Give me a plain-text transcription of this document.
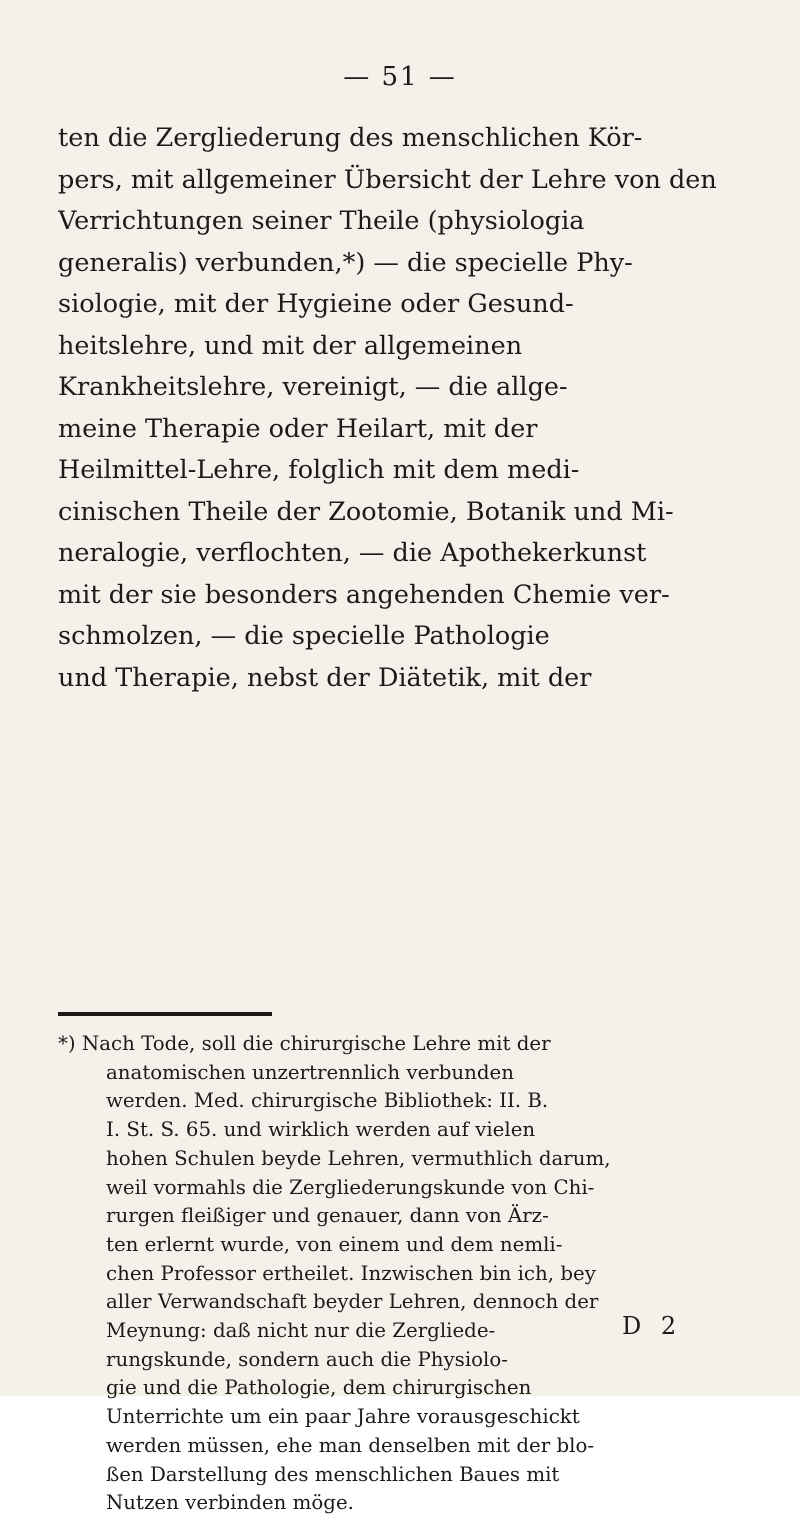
— 51 —
ten die Zergliederung des menschlichen Kör-
pers, mit allgemeiner Übersicht der Lehre von den
Verrichtungen seiner Theile (physiologia
generalis) verbunden,*) — die specielle Phy-
siologie, mit der Hygieine oder Gesund-
heitslehre, und mit der allgemeinen
Krankheitslehre, vereinigt, — die allge-
meine Therapie oder Heilart, mit der
Heilmittel-Lehre, folglich mit dem medi-
cinischen Theile der Zootomie, Botanik und Mi-
neralogie, verflochten, — die Apothekerkunst
mit der sie besonders angehenden Chemie ver-
schmolzen, — die specielle Pathologie
und Therapie, nebst der Diätetik, mit der
*) Nach Tode, soll die chirurgische Lehre mit der
anatomischen unzertrennlich verbunden
werden. Med. chirurgische Bibliothek: II. B.
I. St. S. 65. und wirklich werden auf vielen
hohen Schulen beyde Lehren, vermuthlich darum,
weil vormahls die Zergliederungskunde von Chi-
rurgen fleißiger und genauer, dann von Ärz-
ten erlernt wurde, von einem und dem nemli-
chen Professor ertheilet. Inzwischen bin ich, bey
aller Verwandschaft beyder Lehren, dennoch der
Meynung: daß nicht nur die Zergliede-
rungskunde, sondern auch die Physiolo-
gie und die Pathologie, dem chirurgischen
Unterrichte um ein paar Jahre vorausgeschickt
werden müssen, ehe man denselben mit der blo-
ßen Darstellung des menschlichen Baues mit
Nutzen verbinden möge.
D 2
